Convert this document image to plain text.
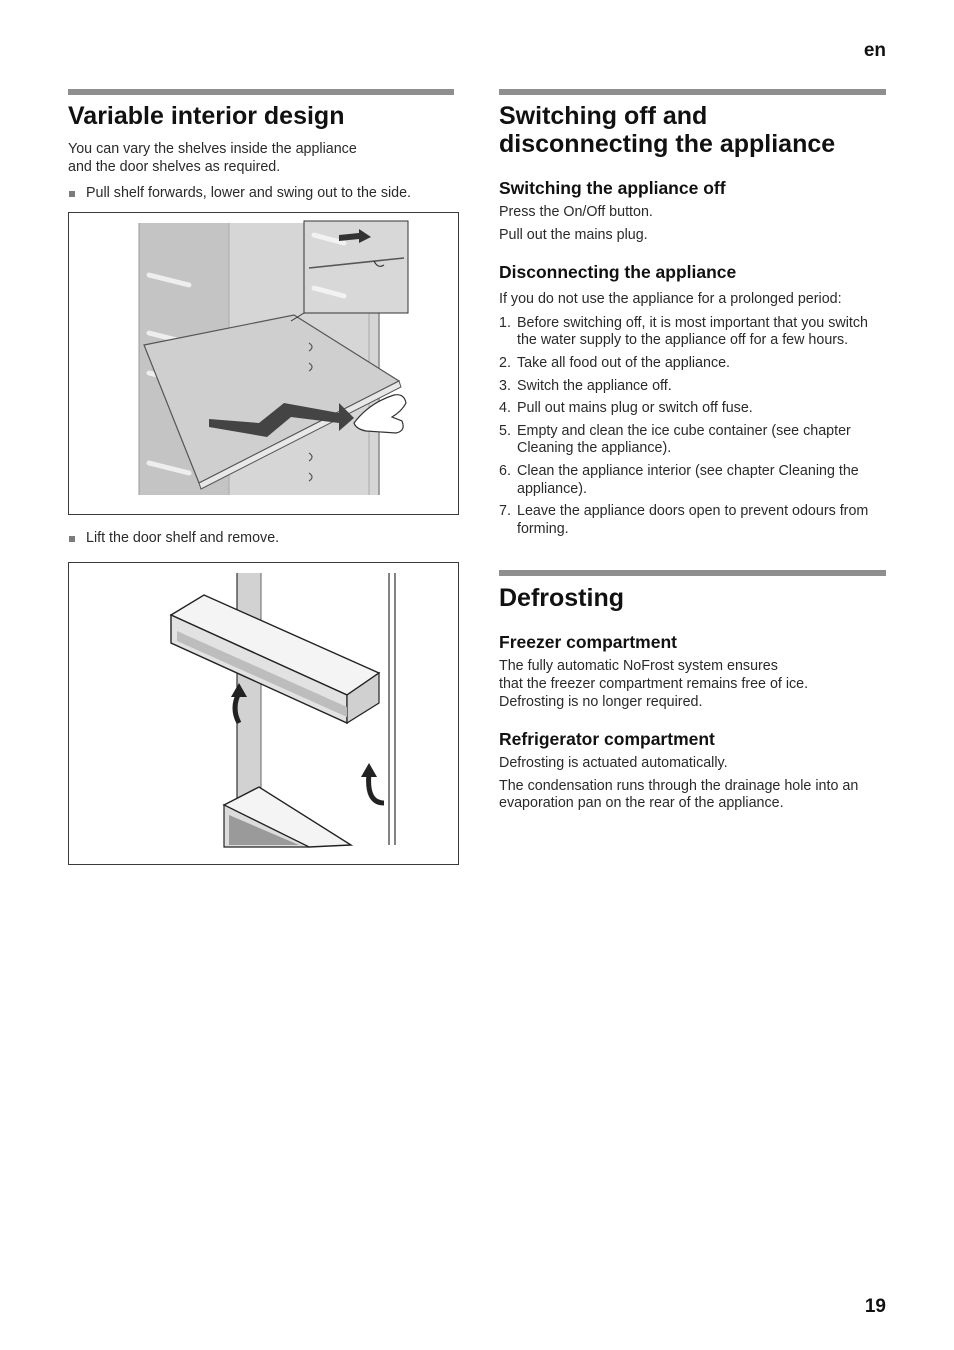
en
Variable interior design

You can vary the shelves inside the appliance
and the door shelves as required.

Pull shelf forwards, lower and swing out to the side.
Lift the door shelf and remove.
Switching off and
disconnecting the appliance
Switching the appliance off

Press the On/Off button.

Pull out the mains plug.

Disconnecting the appliance

If you do not use the appliance for a prolonged period:

1. Before switching off, it is most important that you switch the water supply to the appliance off for a few hours.
2. Take all food out of the appliance.
3. Switch the appliance off.
4. Pull out mains plug or switch off fuse.
5. Empty and clean the ice cube container (see chapter Cleaning the appliance).
6. Clean the appliance interior (see chapter Cleaning the appliance).
7. Leave the appliance doors open to prevent odours from forming.
Defrosting
Freezer compartment

The fully automatic NoFrost system ensures
that the freezer compartment remains free of ice.
Defrosting is no longer required.

Refrigerator compartment

Defrosting is actuated automatically.

The condensation runs through the drainage hole into an evaporation pan on the rear of the appliance.

19
